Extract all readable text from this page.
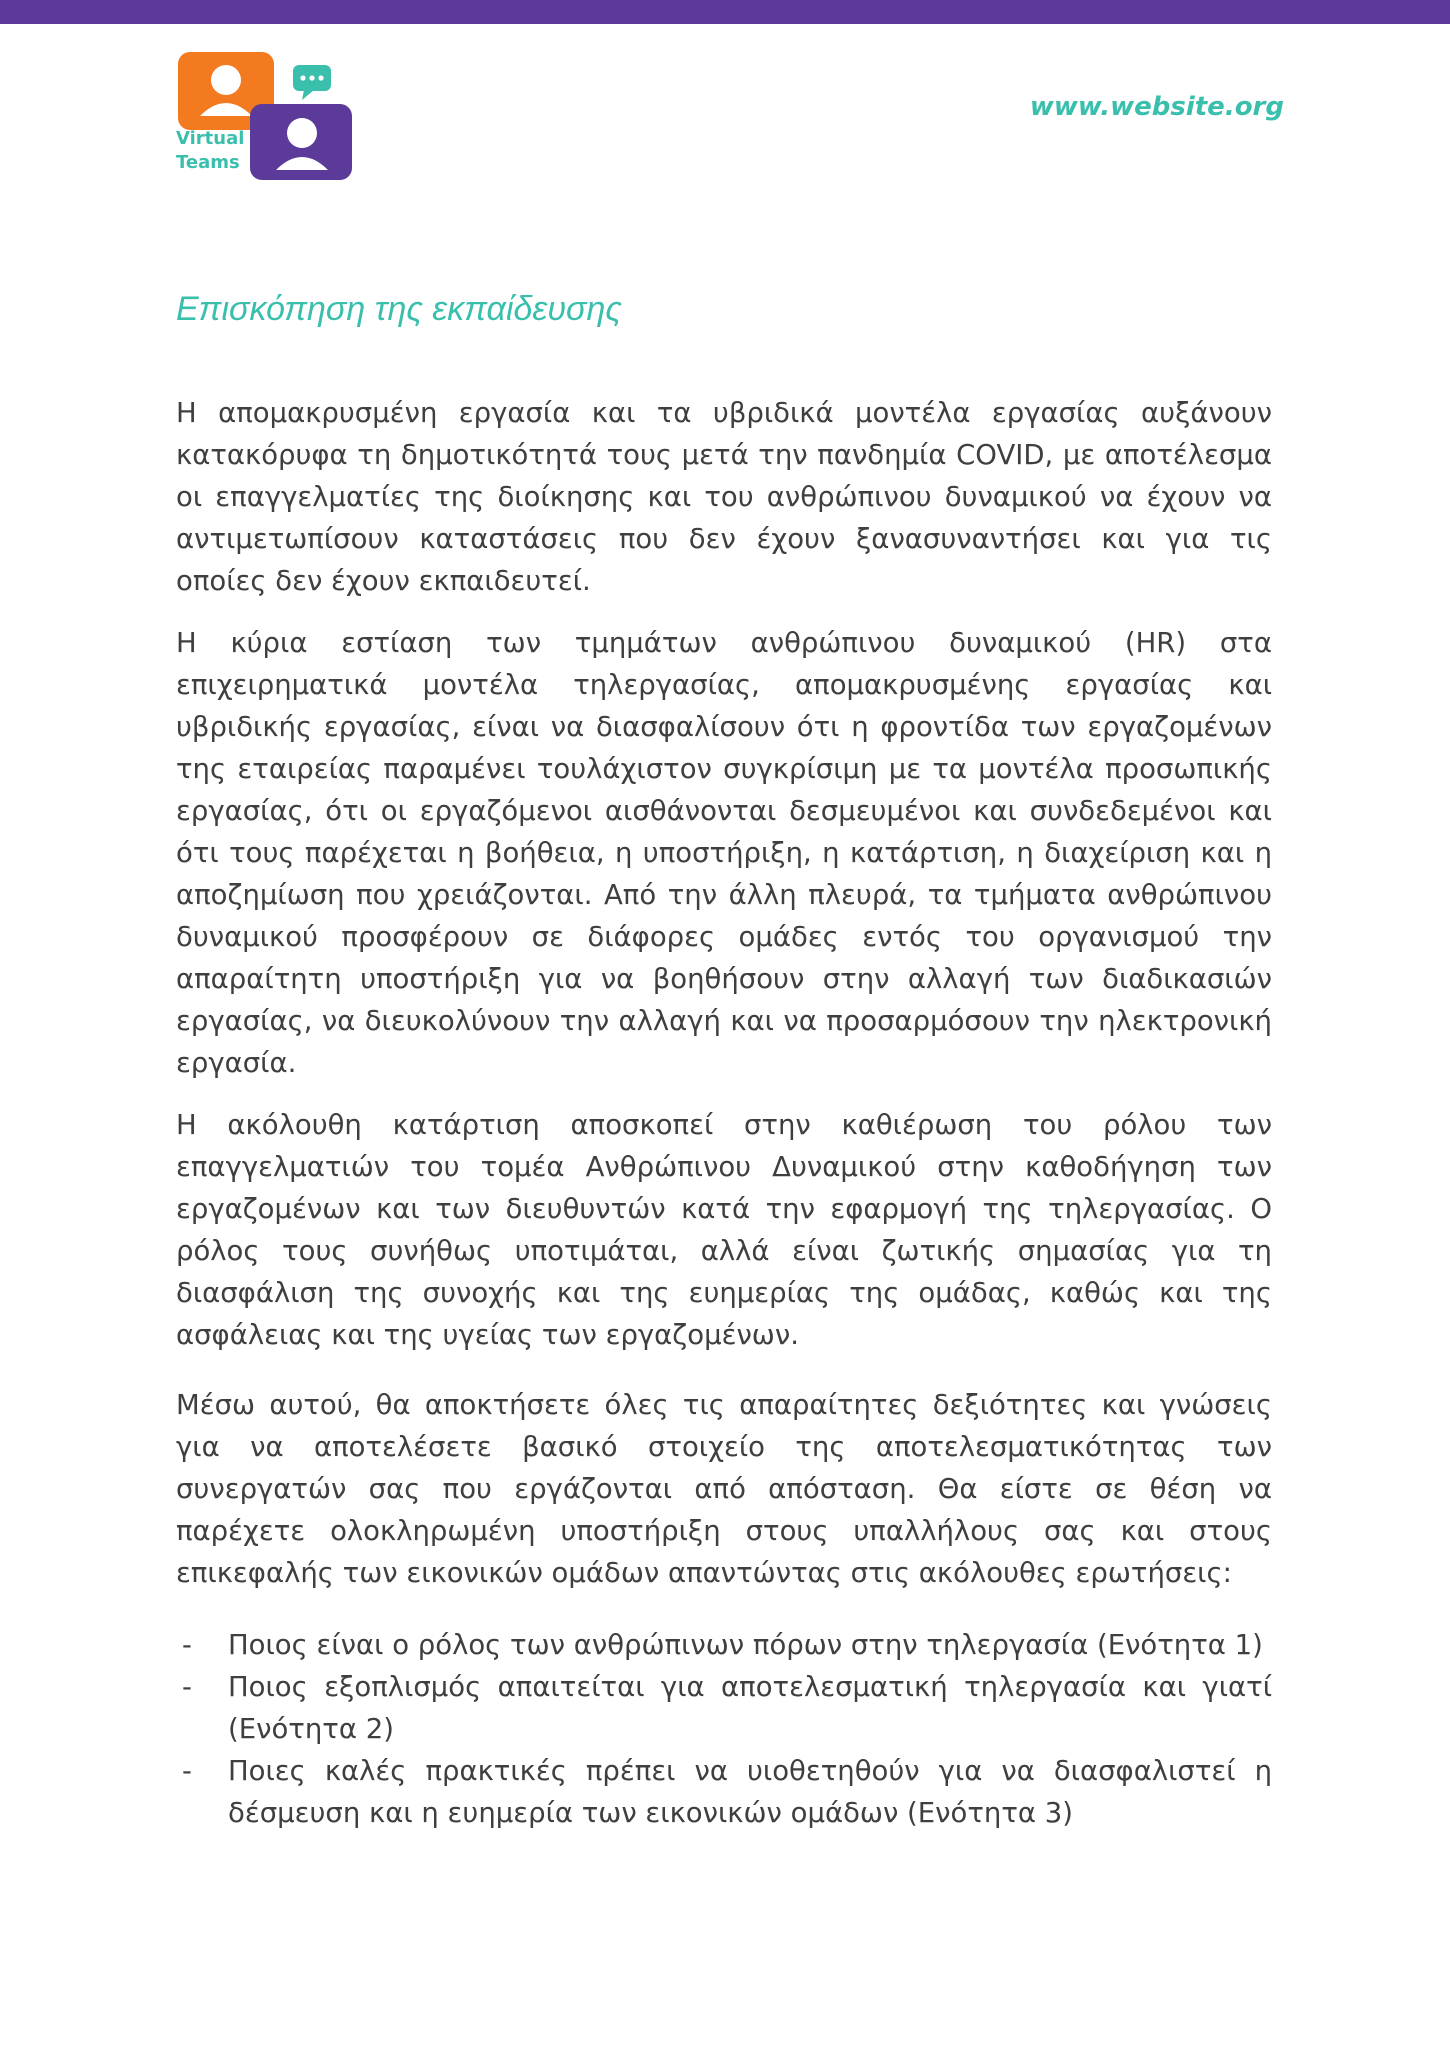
Virtual
Teams
www.website.org
Επισκόπηση της εκπαίδευσης

Η απομακρυσμένη εργασία και τα υβριδικά μοντέλα εργασίας αυξάνουν κατακόρυφα τη δημοτικότητά τους μετά την πανδημία COVID, με αποτέλεσμα οι επαγγελματίες της διοίκησης και του ανθρώπινου δυναμικού να έχουν να αντιμετωπίσουν καταστάσεις που δεν έχουν ξανασυναντήσει και για τις οποίες δεν έχουν εκπαιδευτεί.

Η κύρια εστίαση των τμημάτων ανθρώπινου δυναμικού (HR) στα επιχειρηματικά μοντέλα τηλεργασίας, απομακρυσμένης εργασίας και υβριδικής εργασίας, είναι να διασφαλίσουν ότι η φροντίδα των εργαζομένων της εταιρείας παραμένει τουλάχιστον συγκρίσιμη με τα μοντέλα προσωπικής εργασίας, ότι οι εργαζόμενοι αισθάνονται δεσμευμένοι και συνδεδεμένοι και ότι τους παρέχεται η βοήθεια, η υποστήριξη, η κατάρτιση, η διαχείριση και η αποζημίωση που χρειάζονται. Από την άλλη πλευρά, τα τμήματα ανθρώπινου δυναμικού προσφέρουν σε διάφορες ομάδες εντός του οργανισμού την απαραίτητη υποστήριξη για να βοηθήσουν στην αλλαγή των διαδικασιών εργασίας, να διευκολύνουν την αλλαγή και να προσαρμόσουν την ηλεκτρονική εργασία.

Η ακόλουθη κατάρτιση αποσκοπεί στην καθιέρωση του ρόλου των επαγγελματιών του τομέα Ανθρώπινου Δυναμικού στην καθοδήγηση των εργαζομένων και των διευθυντών κατά την εφαρμογή της τηλεργασίας. Ο ρόλος τους συνήθως υποτιμάται, αλλά είναι ζωτικής σημασίας για τη διασφάλιση της συνοχής και της ευημερίας της ομάδας, καθώς και της ασφάλειας και της υγείας των εργαζομένων.

Μέσω αυτού, θα αποκτήσετε όλες τις απαραίτητες δεξιότητες και γνώσεις για να αποτελέσετε βασικό στοιχείο της αποτελεσματικότητας των συνεργατών σας που εργάζονται από απόσταση. Θα είστε σε θέση να παρέχετε ολοκληρωμένη υποστήριξη στους υπαλλήλους σας και στους επικεφαλής των εικονικών ομάδων απαντώντας στις ακόλουθες ερωτήσεις:

- Ποιος είναι ο ρόλος των ανθρώπινων πόρων στην τηλεργασία (Ενότητα 1)
- Ποιος εξοπλισμός απαιτείται για αποτελεσματική τηλεργασία και γιατί (Ενότητα 2)
- Ποιες καλές πρακτικές πρέπει να υιοθετηθούν για να διασφαλιστεί η δέσμευση και η ευημερία των εικονικών ομάδων (Ενότητα 3)
